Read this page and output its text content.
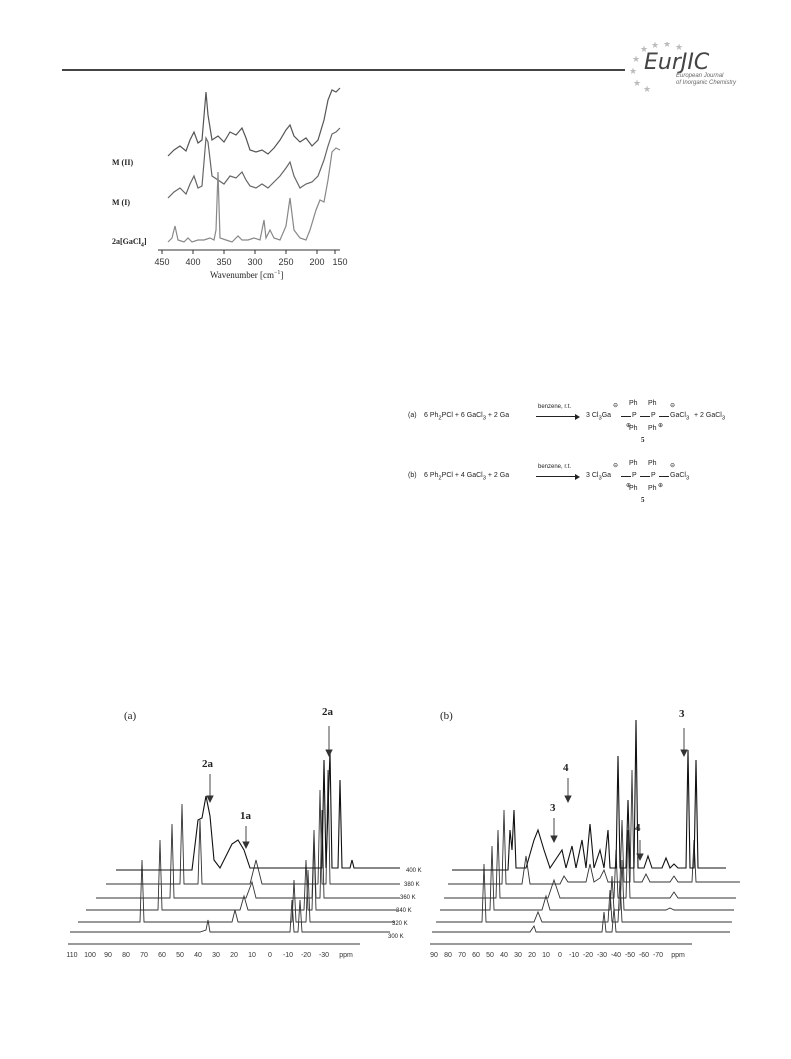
★ ★ ★ ★
★
★
★
★
EurJIC
European Journal
of Inorganic Chemistry
450 400 350 300 250 200 150
Wavenumber $[cm^{-1}]$
M (II)
M (I)
2a[GaCl$_4$]
(a) 6 $Ph_2PCl + 6$ GaCl$_3$ + 2 Ga
benzene, r.t.
3 $Cl_3Ga$
⊖
⊕
P
Ph
Ph
P
Ph
Ph ⊕
⊖
GaCl$_3$ + 2 GaCl$_3$
5
(b) 6 $Ph_2PCl + 4$ GaCl$_3$ + 2 Ga
benzene, r.t.
3 $Cl_3Ga$
⊖
⊕
P
Ph
Ph
P
Ph
Ph ⊕
⊖
GaCl$_3$
5
(a)
110 100 90 80 70 60 50 40 30 20 10 0 -10 -20 -30 ppm
2a
1a
2a
400 K
380 K
360 K
340 K
320 K
300 K
(b)
90 80 70 60 50 40 30 20 10 0 -10 -20 -30 -40 -50 -60 -70 ppm
3
4
3
4
